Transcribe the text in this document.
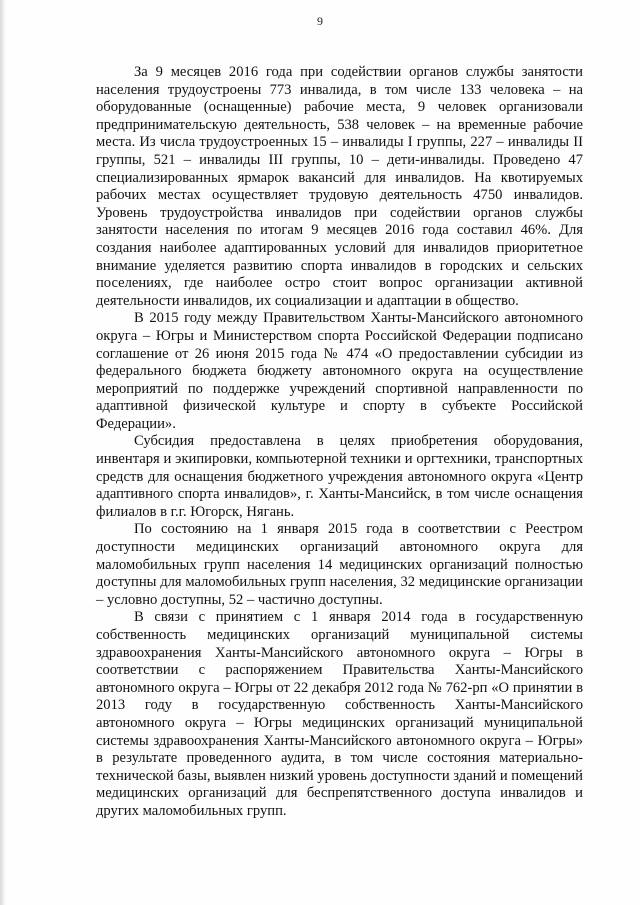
9

За 9 месяцев 2016 года при содействии органов службы занятости населения трудоустроены 773 инвалида, в том числе 133 человека – на оборудованные (оснащенные) рабочие места, 9 человек организовали предпринимательскую деятельность, 538 человек – на временные рабочие места. Из числа трудоустроенных 15 – инвалиды I группы, 227 – инвалиды II группы, 521 – инвалиды III группы, 10 – дети-инвалиды. Проведено 47 специализированных ярмарок вакансий для инвалидов. На квотируемых рабочих местах осуществляет трудовую деятельность 4750 инвалидов. Уровень трудоустройства инвалидов при содействии органов службы занятости населения по итогам 9 месяцев 2016 года составил 46%. Для создания наиболее адаптированных условий для инвалидов приоритетное внимание уделяется развитию спорта инвалидов в городских и сельских поселениях, где наиболее остро стоит вопрос организации активной деятельности инвалидов, их социализации и адаптации в общество.

В 2015 году между Правительством Ханты-Мансийского автономного округа – Югры и Министерством спорта Российской Федерации подписано соглашение от 26 июня 2015 года № 474 «О предоставлении субсидии из федерального бюджета бюджету автономного округа на осуществление мероприятий по поддержке учреждений спортивной направленности по адаптивной физической культуре и спорту в субъекте Российской Федерации».

Субсидия предоставлена в целях приобретения оборудования, инвентаря и экипировки, компьютерной техники и оргтехники, транспортных средств для оснащения бюджетного учреждения автономного округа «Центр адаптивного спорта инвалидов», г. Ханты-Мансийск, в том числе оснащения филиалов в г.г. Югорск, Нягань.

По состоянию на 1 января 2015 года в соответствии с Реестром доступности медицинских организаций автономного округа для маломобильных групп населения 14 медицинских организаций полностью доступны для маломобильных групп населения, 32 медицинские организации – условно доступны, 52 – частично доступны.

В связи с принятием с 1 января 2014 года в государственную собственность медицинских организаций муниципальной системы здравоохранения Ханты-Мансийского автономного округа – Югры в соответствии с распоряжением Правительства Ханты-Мансийского автономного округа – Югры от 22 декабря 2012 года № 762-рп «О принятии в 2013 году в государственную собственность Ханты-Мансийского автономного округа – Югры медицинских организаций муниципальной системы здравоохранения Ханты-Мансийского автономного округа – Югры» в результате проведенного аудита, в том числе состояния материально-технической базы, выявлен низкий уровень доступности зданий и помещений медицинских организаций для беспрепятственного доступа инвалидов и других маломобильных групп.
